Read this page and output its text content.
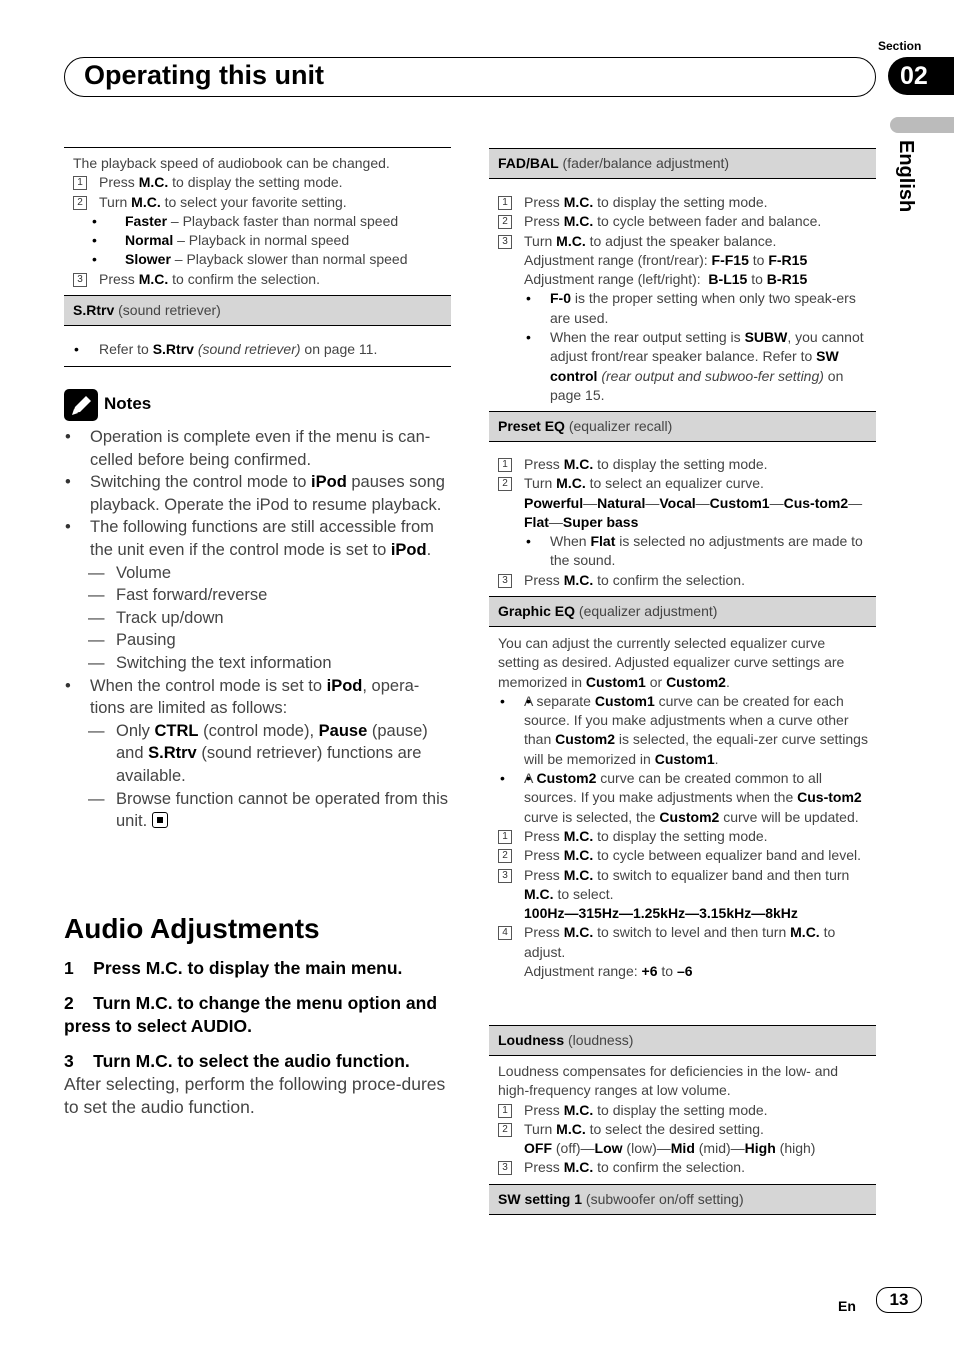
Section
Operating this unit	02
English

The playback speed of audiobook can be changed.

1	Press M.C. to display the setting mode.

2	Turn M.C. to select your favorite setting.

• Faster – Playback faster than normal speed

• Normal – Playback in normal speed

• Slower – Playback slower than normal speed

3	Press M.C. to confirm the selection.

S.Rtrv (sound retriever)

• Refer to S.Rtrv (sound retriever) on page 11.

Notes

• Operation is complete even if the menu is can-celled before being confirmed.

• Switching the control mode to iPod pauses song playback. Operate the iPod to resume playback.

• The following functions are still accessible from the unit even if the control mode is set to iPod.

— Volume

— Fast forward/reverse

— Track up/down

— Pausing

— Switching the text information

• When the control mode is set to iPod, opera-tions are limited as follows:

— Only CTRL (control mode), Pause (pause) and S.Rtrv (sound retriever) functions are available.

— Browse function cannot be operated from this unit.

Audio Adjustments

1    Press M.C. to display the main menu.

2    Turn M.C. to change the menu option and press to select AUDIO.

3    Turn M.C. to select the audio function.

After selecting, perform the following proce-dures to set the audio function.

FAD/BAL (fader/balance adjustment)

1	Press M.C. to display the setting mode.

2	Press M.C. to cycle between fader and balance.

3	Turn M.C. to adjust the speaker balance.

Adjustment range (front/rear): F-F15 to F-R15

Adjustment range (left/right):  B-L15 to B-R15

• F-0 is the proper setting when only two speak-ers are used.

• When the rear output setting is SUBW, you cannot adjust front/rear speaker balance. Refer to SW control (rear output and subwoo-fer setting) on page 15.

Preset EQ (equalizer recall)

1	Press M.C. to display the setting mode.

2	Turn M.C. to select an equalizer curve.

Powerful—Natural—Vocal—Custom1—Cus-tom2—Flat—Super bass

• When Flat is selected no adjustments are made to the sound.

3	Press M.C. to confirm the selection.

Graphic EQ (equalizer adjustment)

You can adjust the currently selected equalizer curve setting as desired. Adjusted equalizer curve settings are memorized in Custom1 or Custom2.

• • A separate Custom1 curve can be created for each source. If you make adjustments when a curve other than Custom2 is selected, the equali-zer curve settings will be memorized in Custom1.

• • A Custom2 curve can be created common to all sources. If you make adjustments when the Cus-tom2 curve is selected, the Custom2 curve will be updated.

1	Press M.C. to display the setting mode.

2	Press M.C. to cycle between equalizer band and level.

3	Press M.C. to switch to equalizer band and then turn M.C. to select.

100Hz—315Hz—1.25kHz—3.15kHz—8kHz

4	Press M.C. to switch to level and then turn M.C. to adjust.

Adjustment range: +6 to –6

Loudness (loudness)

Loudness compensates for deficiencies in the low- and high-frequency ranges at low volume.

1	Press M.C. to display the setting mode.

2	Turn M.C. to select the desired setting.

OFF (off)—Low (low)—Mid (mid)—High (high)

3	Press M.C. to confirm the selection.

SW setting 1 (subwoofer on/off setting)
En	13
